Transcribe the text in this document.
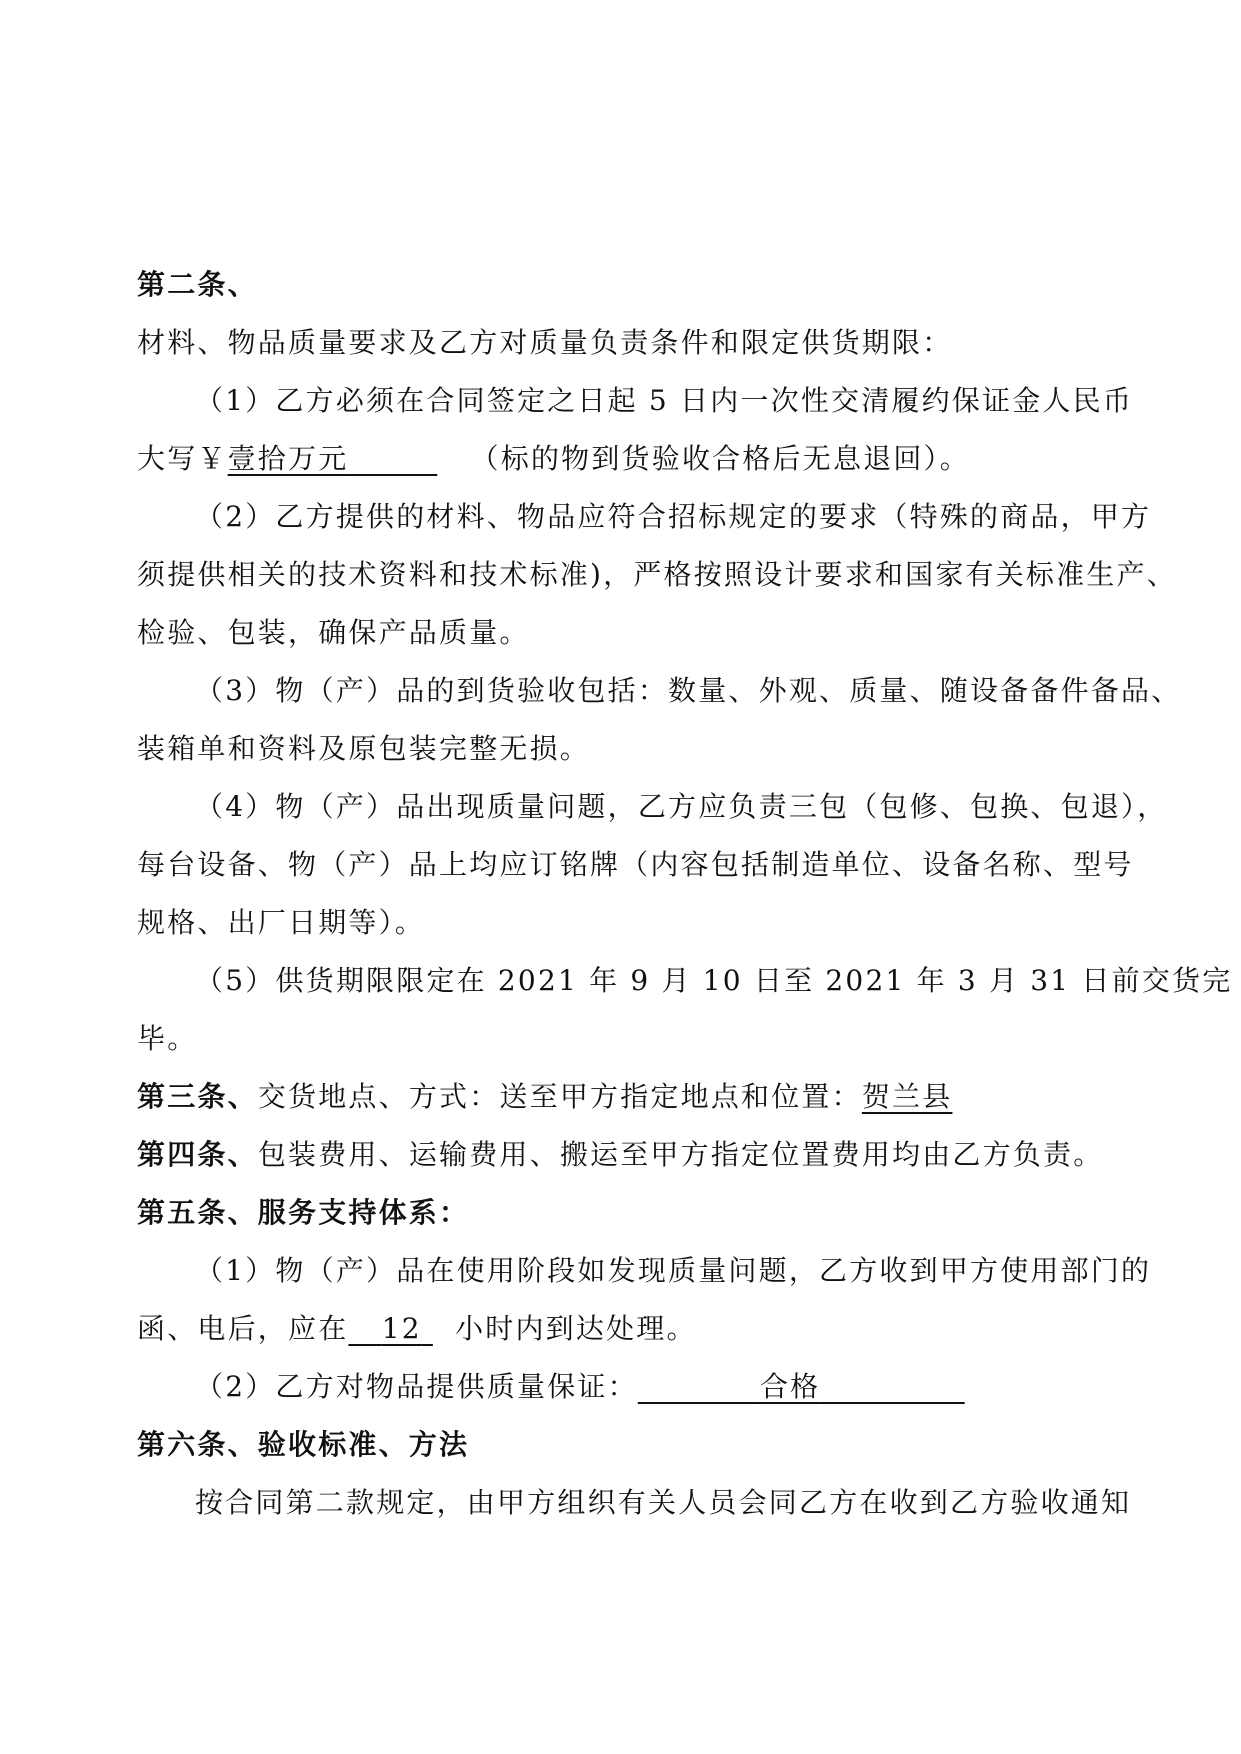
第二条、
材料、物品质量要求及乙方对质量负责条件和限定供货期限：
（1）乙方必须在合同签定之日起 5 日内一次性交清履约保证金人民币
大写￥壹拾万元	（标的物到货验收合格后无息退回）。
（2）乙方提供的材料、物品应符合招标规定的要求（特殊的商品，甲方
须提供相关的技术资料和技术标准)，严格按照设计要求和国家有关标准生产、
检验、包装，确保产品质量。
（3）物（产）品的到货验收包括：数量、外观、质量、随设备备件备品、
装箱单和资料及原包装完整无损。
（4）物（产）品出现质量问题，乙方应负责三包（包修、包换、包退），
每台设备、物（产）品上均应订铭牌（内容包括制造单位、设备名称、型号
规格、出厂日期等）。
（5）供货期限限定在 2021 年 9 月 10 日至 2021 年 3 月 31 日前交货完
毕。
第三条、交货地点、方式：送至甲方指定地点和位置：贺兰县
第四条、包装费用、运输费用、搬运至甲方指定位置费用均由乙方负责。
第五条、服务支持体系：
（1）物（产）品在使用阶段如发现质量问题，乙方收到甲方使用部门的
函、电后，应在 12 小时内到达处理。
（2）乙方对物品提供质量保证：	合格
第六条、验收标准、方法
按合同第二款规定，由甲方组织有关人员会同乙方在收到乙方验收通知
